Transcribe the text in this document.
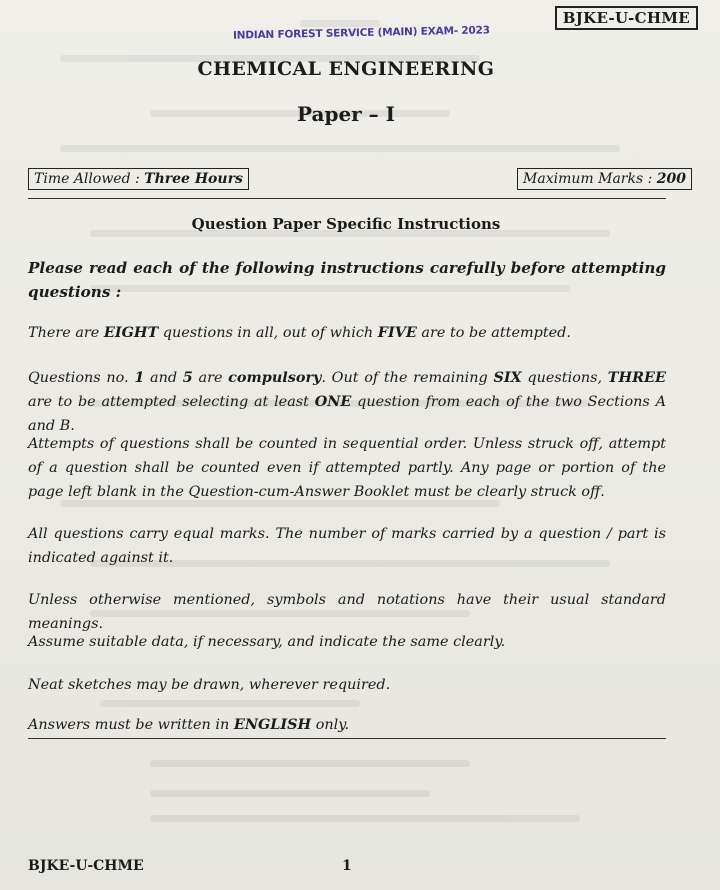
BJKE-U-CHME
INDIAN FOREST SERVICE (MAIN) EXAM- 2023
CHEMICAL ENGINEERING
Paper – I
Time Allowed : Three Hours	Maximum Marks : 200
Question Paper Specific Instructions
Please read each of the following instructions carefully before attempting questions :
There are EIGHT questions in all, out of which FIVE are to be attempted.
Questions no. 1 and 5 are compulsory. Out of the remaining SIX questions, THREE are to be attempted selecting at least ONE question from each of the two Sections A and B.
Attempts of questions shall be counted in sequential order. Unless struck off, attempt of a question shall be counted even if attempted partly. Any page or portion of the page left blank in the Question-cum-Answer Booklet must be clearly struck off.
All questions carry equal marks. The number of marks carried by a question / part is indicated against it.
Unless otherwise mentioned, symbols and notations have their usual standard meanings.
Assume suitable data, if necessary, and indicate the same clearly.
Neat sketches may be drawn, wherever required.
Answers must be written in ENGLISH only.
BJKE-U-CHME	1
